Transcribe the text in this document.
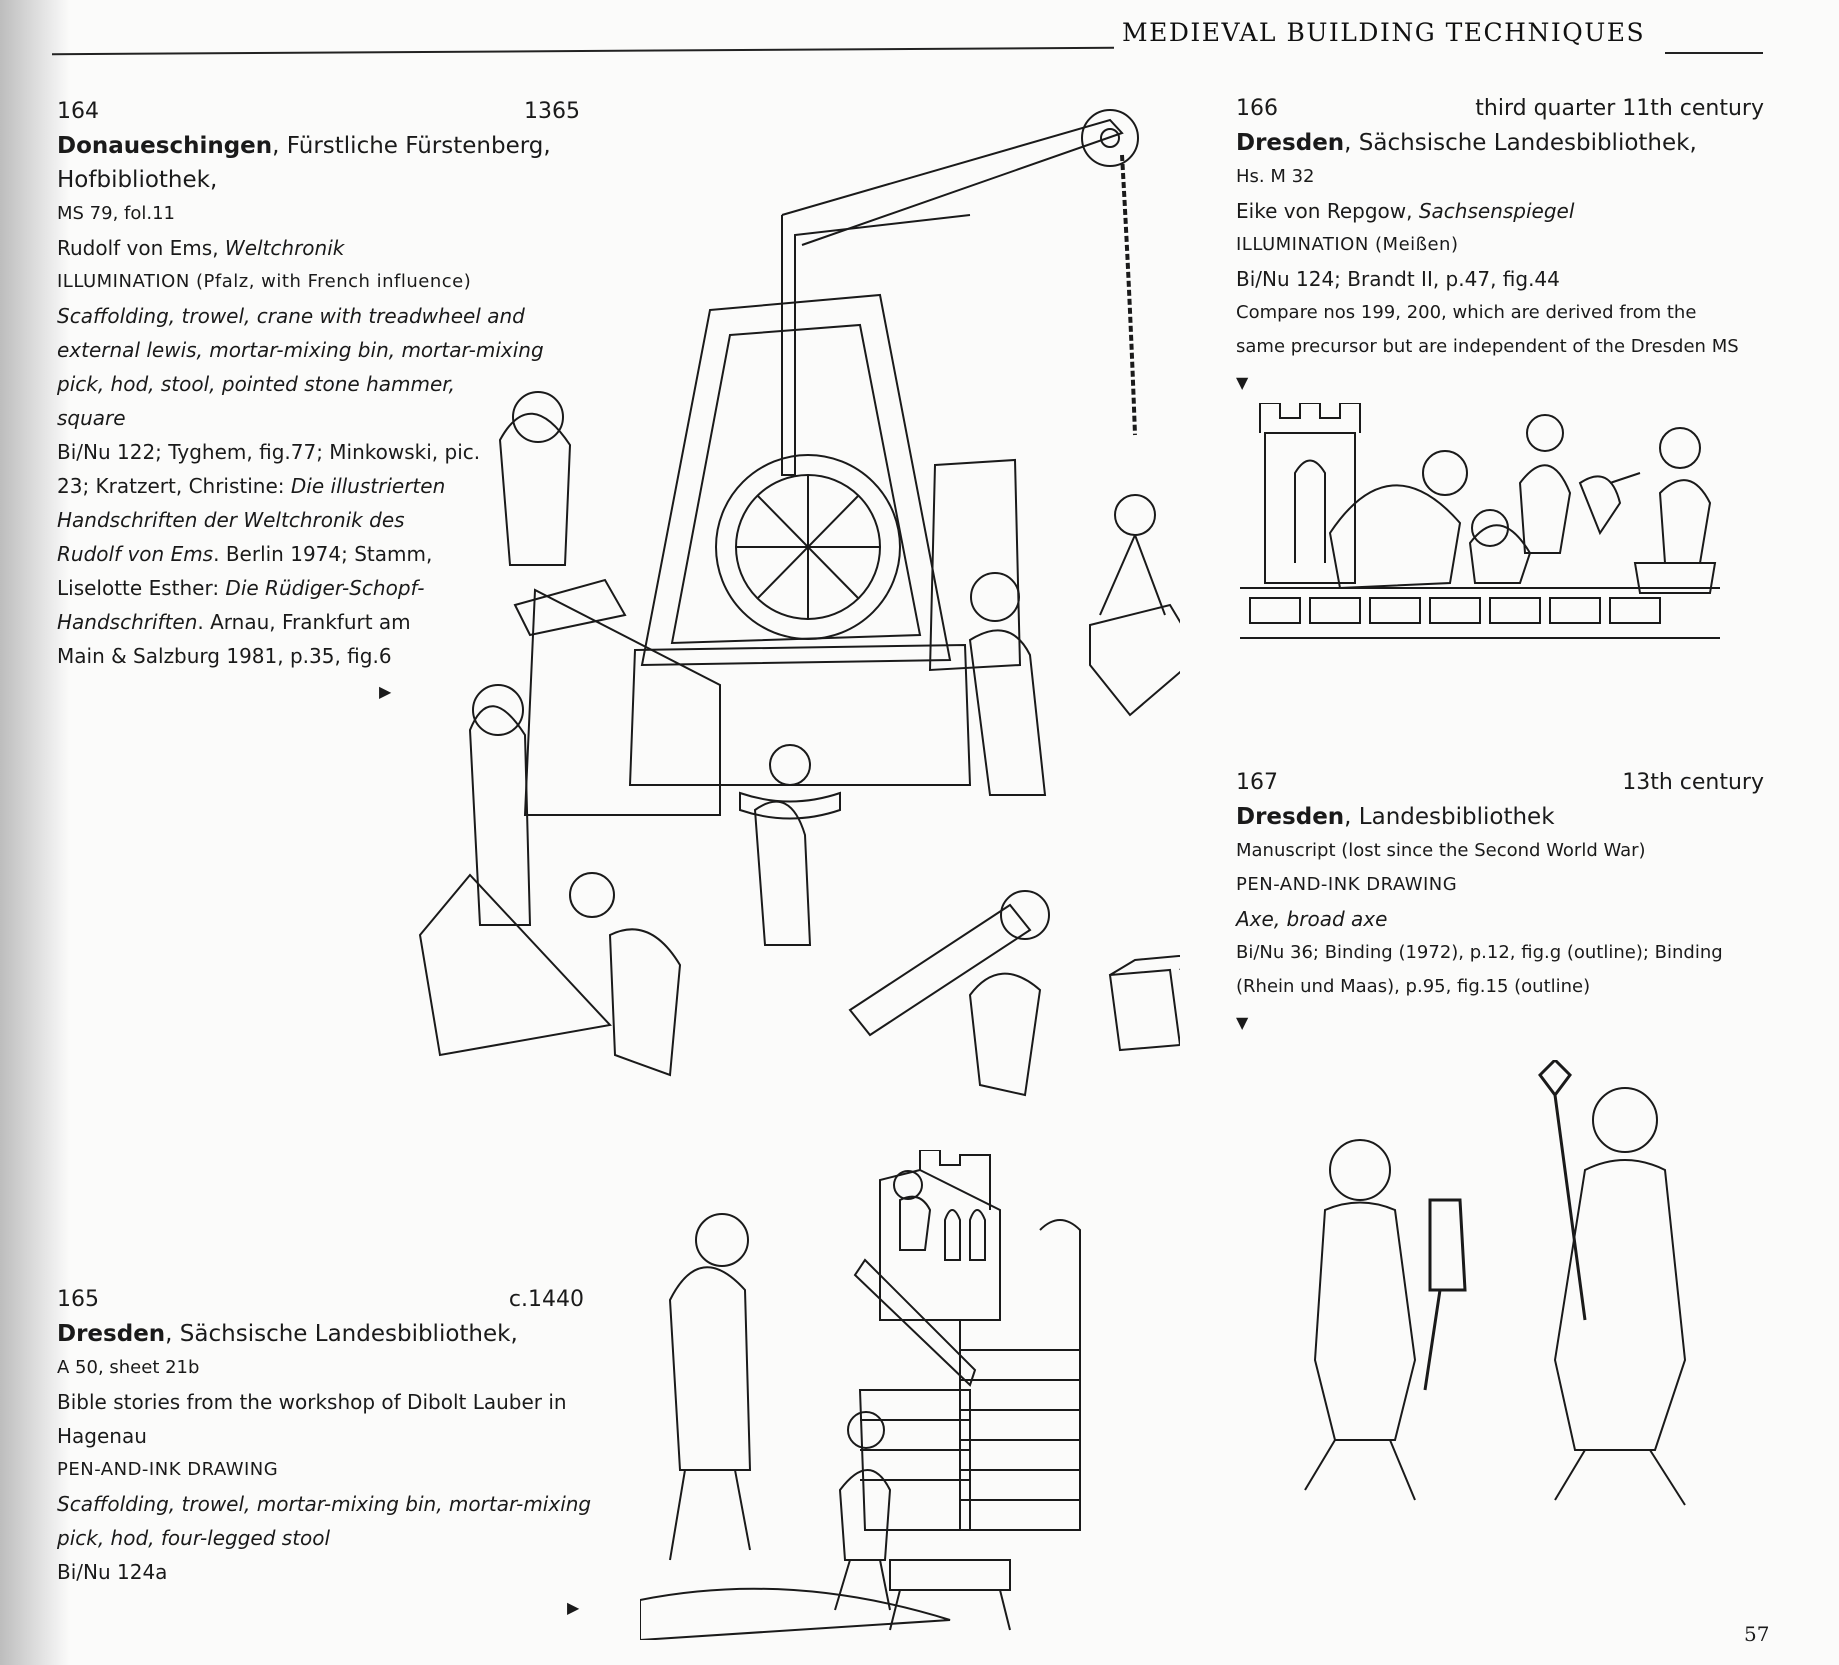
MEDIEVAL BUILDING TECHNIQUES
164	1365
Donaueschingen, Fürstliche Fürstenberg,
Hofbibliothek,
MS 79, fol.11
Rudolf von Ems, Weltchronik
ILLUMINATION (Pfalz, with French influence)
Scaffolding, trowel, crane with treadwheel and
external lewis, mortar-mixing bin, mortar-mixing
pick, hod, stool, pointed stone hammer,
square
Bi/Nu 122; Tyghem, fig.77; Minkowski, pic.
23; Kratzert, Christine: Die illustrierten
Handschriften der Weltchronik des
Rudolf von Ems. Berlin 1974; Stamm,
Liselotte Esther: Die Rüdiger-Schopf-
Handschriften. Arnau, Frankfurt am
Main & Salzburg 1981, p.35, fig.6
▶
165	c.1440
Dresden, Sächsische Landesbibliothek,
A 50, sheet 21b
Bible stories from the workshop of Dibolt Lauber in
Hagenau
PEN-AND-INK DRAWING
Scaffolding, trowel, mortar-mixing bin, mortar-mixing
pick, hod, four-legged stool
Bi/Nu 124a
▶
166	third quarter 11th century
Dresden, Sächsische Landesbibliothek,
Hs. M 32
Eike von Repgow, Sachsenspiegel
ILLUMINATION (Meißen)
Bi/Nu 124; Brandt II, p.47, fig.44
Compare nos 199, 200, which are derived from the
same precursor but are independent of the Dresden MS
▼
167	13th century
Dresden, Landesbibliothek
Manuscript (lost since the Second World War)
PEN-AND-INK DRAWING
Axe, broad axe
Bi/Nu 36; Binding (1972), p.12, fig.g (outline); Binding
(Rhein und Maas), p.95, fig.15 (outline)
▼
57
